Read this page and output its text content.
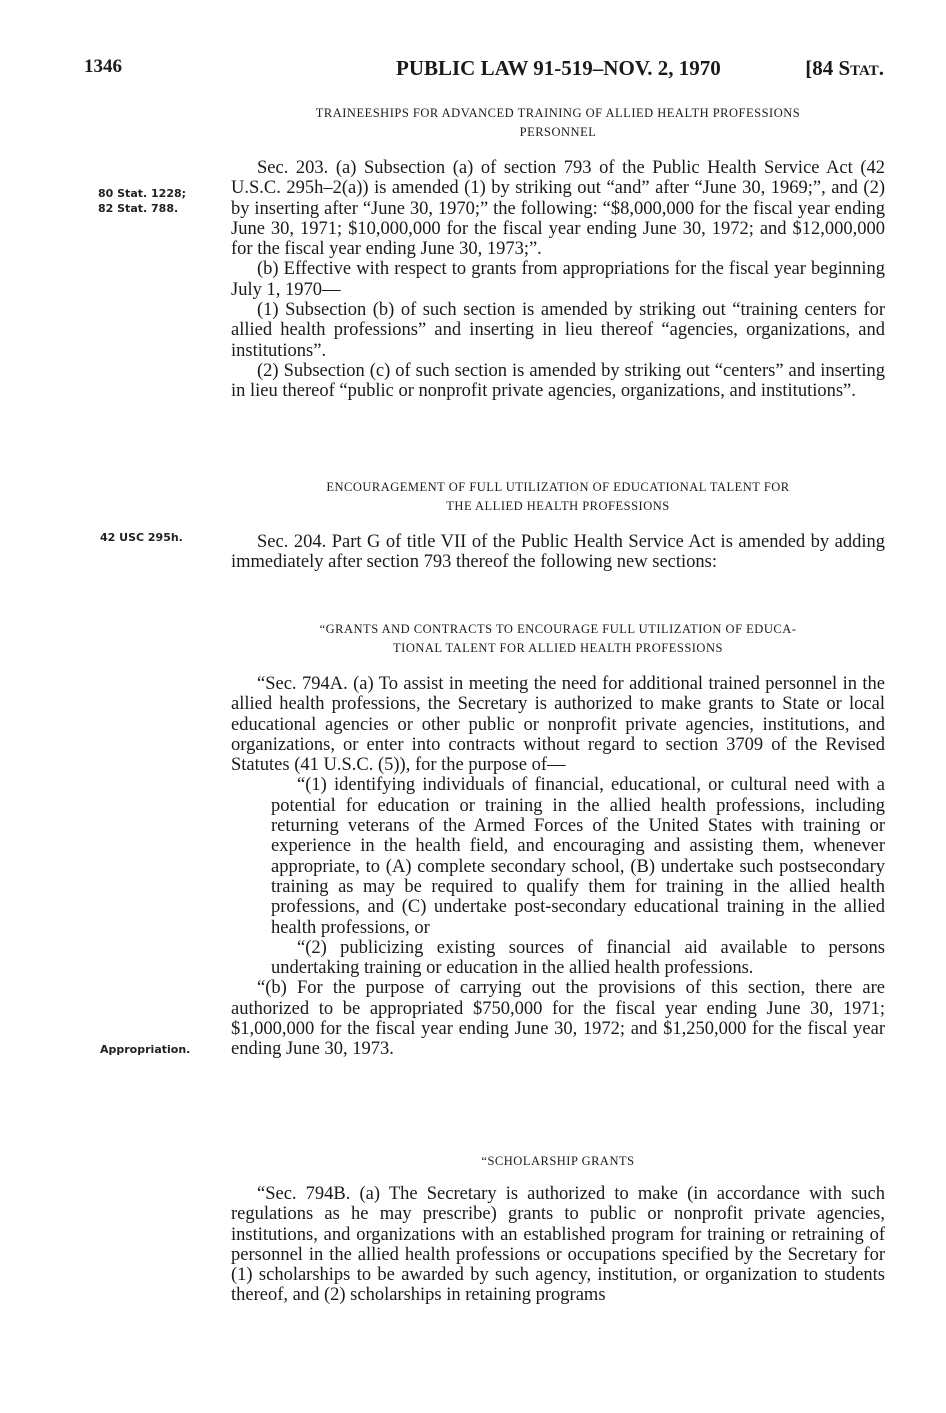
1346	PUBLIC LAW 91-519–NOV. 2, 1970	[84 Stat.
80 Stat. 1228;
82 Stat. 788.
42 USC 295h.
Appropriation.
TRAINEESHIPS FOR ADVANCED TRAINING OF ALLIED HEALTH PROFESSIONS
PERSONNEL

Sec. 203. (a) Subsection (a) of section 793 of the Public Health Service Act (42 U.S.C. 295h–2(a)) is amended (1) by striking out “and” after “June 30, 1969;”, and (2) by inserting after “June 30, 1970;” the following: “$8,000,000 for the fiscal year ending June 30, 1971; $10,000,000 for the fiscal year ending June 30, 1972; and $12,000,000 for the fiscal year ending June 30, 1973;”.

(b) Effective with respect to grants from appropriations for the fiscal year beginning July 1, 1970—

(1) Subsection (b) of such section is amended by striking out “training centers for allied health professions” and inserting in lieu thereof “agencies, organizations, and institutions”.

(2) Subsection (c) of such section is amended by striking out “centers” and inserting in lieu thereof “public or nonprofit private agencies, organizations, and institutions”.

ENCOURAGEMENT OF FULL UTILIZATION OF EDUCATIONAL TALENT FOR
THE ALLIED HEALTH PROFESSIONS

Sec. 204. Part G of title VII of the Public Health Service Act is amended by adding immediately after section 793 thereof the following new sections:

“GRANTS AND CONTRACTS TO ENCOURAGE FULL UTILIZATION OF EDUCA-
TIONAL TALENT FOR ALLIED HEALTH PROFESSIONS

“Sec. 794A. (a) To assist in meeting the need for additional trained personnel in the allied health professions, the Secretary is authorized to make grants to State or local educational agencies or other public or nonprofit private agencies, institutions, and organizations, or enter into contracts without regard to section 3709 of the Revised Statutes (41 U.S.C. (5)), for the purpose of—

“(1) identifying individuals of financial, educational, or cultural need with a potential for education or training in the allied health professions, including returning veterans of the Armed Forces of the United States with training or experience in the health field, and encouraging and assisting them, whenever appropriate, to (A) complete secondary school, (B) undertake such postsecondary training as may be required to qualify them for training in the allied health professions, and (C) undertake post-secondary educational training in the allied health professions, or

“(2) publicizing existing sources of financial aid available to persons undertaking training or education in the allied health professions.

“(b) For the purpose of carrying out the provisions of this section, there are authorized to be appropriated $750,000 for the fiscal year ending June 30, 1971; $1,000,000 for the fiscal year ending June 30, 1972; and $1,250,000 for the fiscal year ending June 30, 1973.

“SCHOLARSHIP GRANTS

“Sec. 794B. (a) The Secretary is authorized to make (in accordance with such regulations as he may prescribe) grants to public or nonprofit private agencies, institutions, and organizations with an established program for training or retraining of personnel in the allied health professions or occupations specified by the Secretary for (1) scholarships to be awarded by such agency, institution, or organization to students thereof, and (2) scholarships in retaining programs
